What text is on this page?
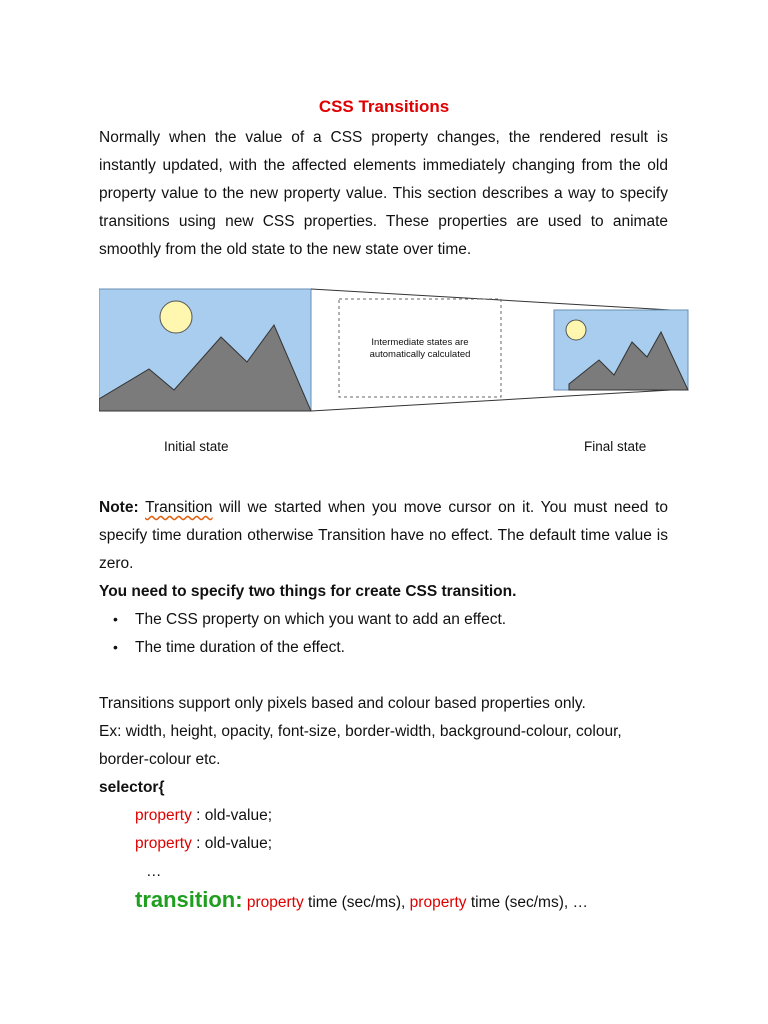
CSS Transitions
Normally when the value of a CSS property changes, the rendered result is instantly updated, with the affected elements immediately changing from the old property value to the new property value. This section describes a way to specify transitions using new CSS properties. These properties are used to animate smoothly from the old state to the new state over time.
Intermediate states are
automatically calculated
Initial state	Final state
Note: Transition will we started when you move cursor on it. You must need to specify time duration otherwise Transition have no effect. The default time value is zero.
You need to specify two things for create CSS transition.
• The CSS property on which you want to add an effect.
• The time duration of the effect.
Transitions support only pixels based and colour based properties only.
Ex: width, height, opacity, font-size, border-width, background-colour, colour,
border-colour etc.
selector{
property : old-value;
property : old-value;
…
transition: property time (sec/ms), property time (sec/ms), …
